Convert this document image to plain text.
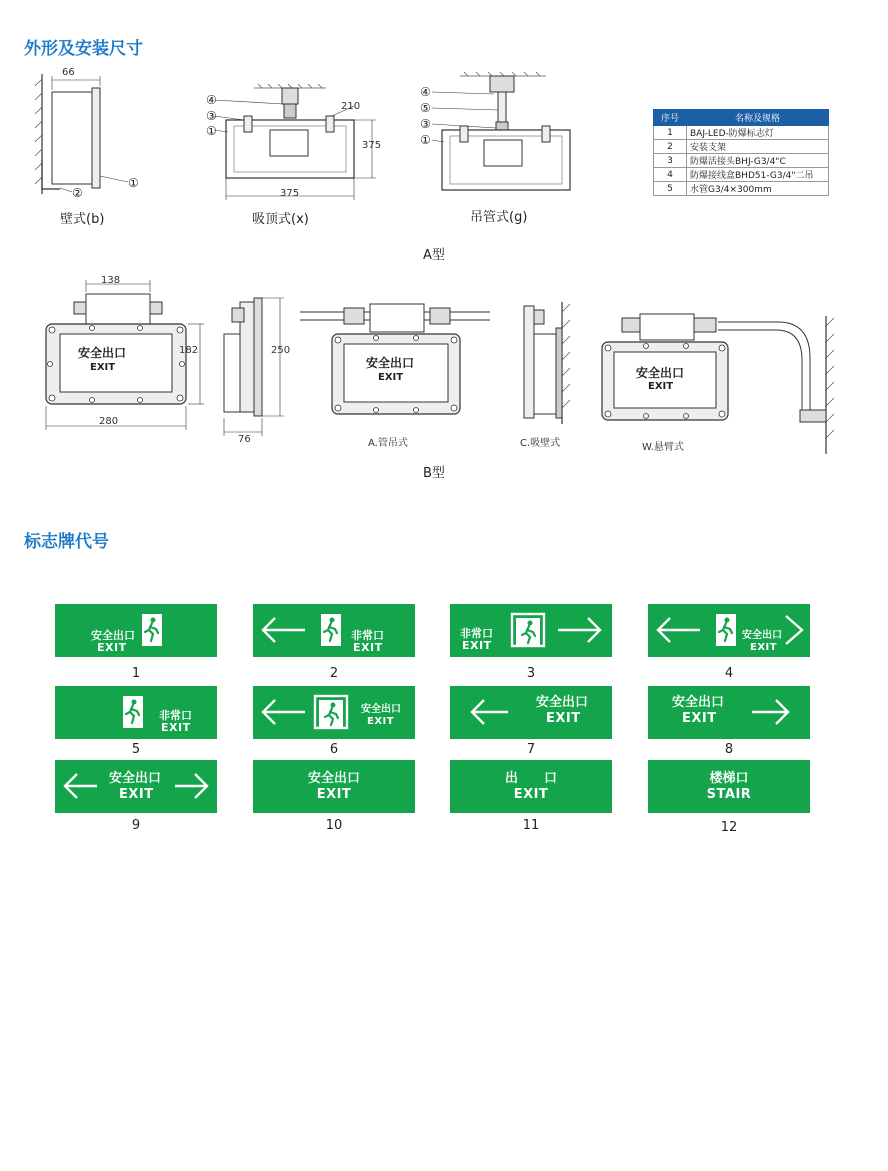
外形及安装尺寸
66
①
②
壁式(b)
④
③
①
210
375
375
吸顶式(x)
④
⑤
③
①
吊管式(g)
序号	名称及规格
1	BAJ-LED-防爆标志灯
2	安装支架
3	防爆活接头BHJ-G3/4"C
4	防爆接线盒BHD51-G3/4"二吊
5	水管G3/4×300mm
A型
138
182
280
安全出口
EXIT
250
76
安全出口
EXIT
A.管吊式	C.吸壁式
安全出口
EXIT
W.悬臂式
B型
标志牌代号
安全出口
EXIT
1
非常口
EXIT
2
非常口
EXIT
3
安全出口
EXIT
4
非常口
EXIT
5
安全出口
EXIT
6
安全出口
EXIT
7
安全出口
EXIT
8
安全出口
EXIT
9
安全出口
EXIT
10
出　　口
EXIT
11
楼梯口
STAIR
12
